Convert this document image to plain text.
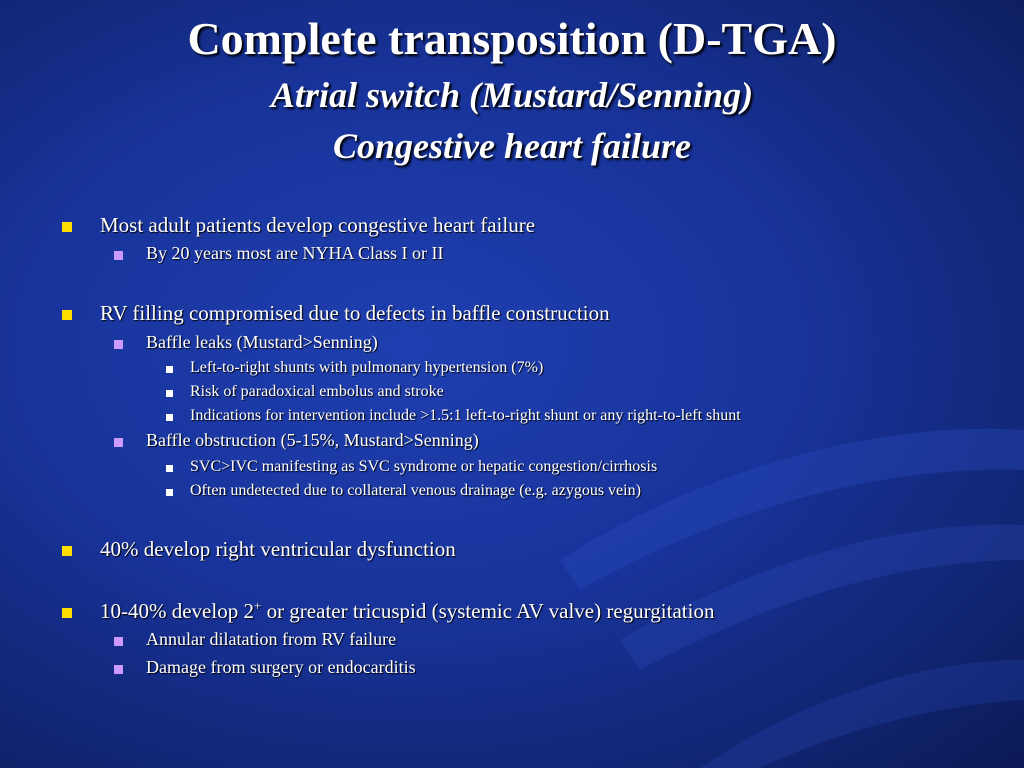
Complete transposition (D-TGA)
Atrial switch (Mustard/Senning)
Congestive heart failure
Most adult patients develop congestive heart failure
By 20 years most are NYHA Class I or II
RV filling compromised due to defects in baffle construction
Baffle leaks (Mustard>Senning)
Left-to-right shunts with pulmonary hypertension (7%)
Risk of paradoxical embolus and stroke
Indications for intervention include >1.5:1 left-to-right shunt or any right-to-left shunt
Baffle obstruction (5-15%, Mustard>Senning)
SVC>IVC manifesting as SVC syndrome or hepatic congestion/cirrhosis
Often undetected due to collateral venous drainage (e.g. azygous vein)
40% develop right ventricular dysfunction
10-40% develop 2+ or greater tricuspid (systemic AV valve) regurgitation
Annular dilatation from RV failure
Damage from surgery or endocarditis
